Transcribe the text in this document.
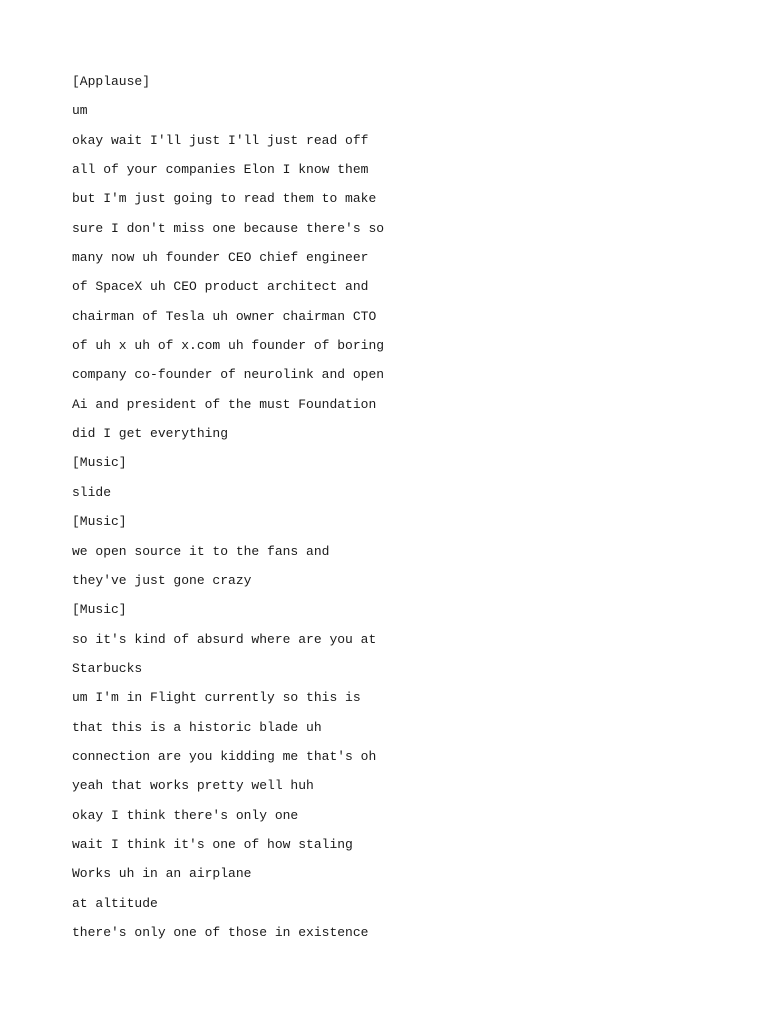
[Applause]
um
okay wait I'll just I'll just read off
all of your companies Elon I know them
but I'm just going to read them to make
sure I don't miss one because there's so
many now uh founder CEO chief engineer
of SpaceX uh CEO product architect and
chairman of Tesla uh owner chairman CTO
of uh x uh of x.com uh founder of boring
company co-founder of neurolink and open
Ai and president of the must Foundation
did I get everything
[Music]
slide
[Music]
we open source it to the fans and
they've just gone crazy
[Music]
so it's kind of absurd where are you at
Starbucks
um I'm in Flight currently so this is
that this is a historic blade uh
connection are you kidding me that's oh
yeah that works pretty well huh
okay I think there's only one
wait I think it's one of how staling
Works uh in an airplane
at altitude
there's only one of those in existence
